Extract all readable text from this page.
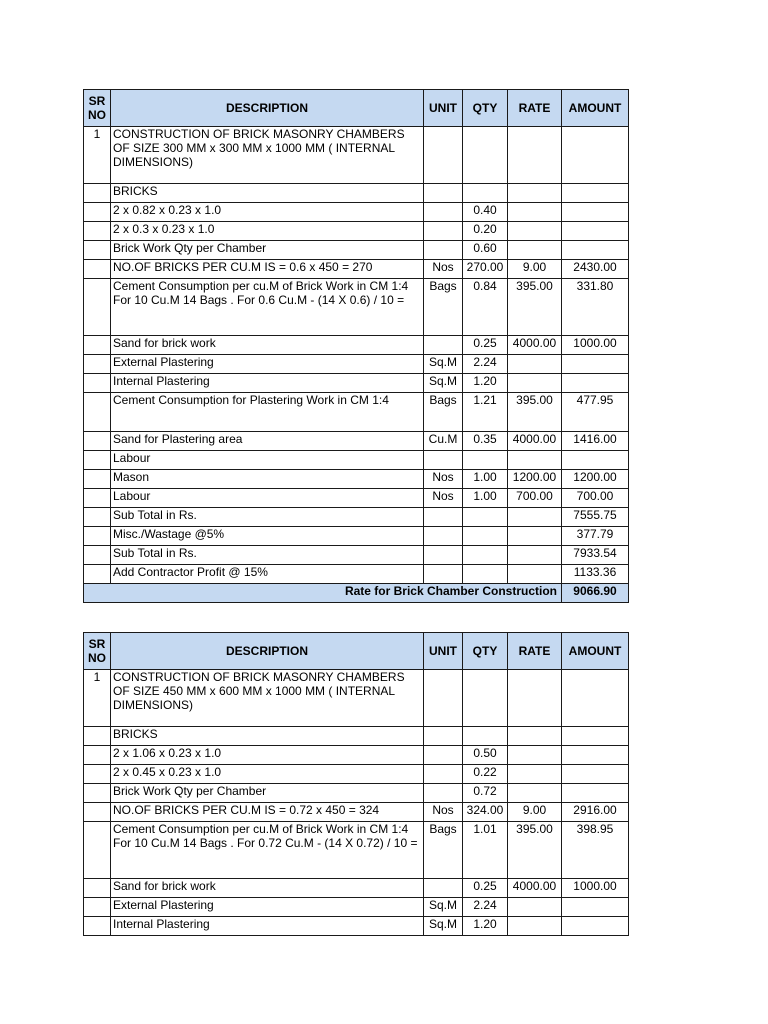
SR NO	DESCRIPTION	UNIT	QTY	RATE	AMOUNT
1	CONSTRUCTION OF BRICK MASONRY CHAMBERS OF SIZE 300 MM x 300 MM x 1000 MM ( INTERNAL DIMENSIONS)				
	BRICKS				
	2 x 0.82 x 0.23 x 1.0		0.40		
	2 x 0.3 x 0.23 x 1.0		0.20		
	Brick Work Qty per Chamber		0.60		
	NO.OF BRICKS PER CU.M IS = 0.6 x 450 = 270	Nos	270.00	9.00	2430.00
	Cement Consumption per cu.M of Brick Work in CM 1:4 For 10 Cu.M 14 Bags . For 0.6 Cu.M - (14 X 0.6) / 10 =	Bags	0.84	395.00	331.80
	Sand for brick work		0.25	4000.00	1000.00
	External Plastering	Sq.M	2.24		
	Internal Plastering	Sq.M	1.20		
	Cement Consumption for Plastering Work in CM 1:4	Bags	1.21	395.00	477.95
	Sand for Plastering area	Cu.M	0.35	4000.00	1416.00
	Labour				
	Mason	Nos	1.00	1200.00	1200.00
	Labour	Nos	1.00	700.00	700.00
	Sub Total in Rs.				7555.75
	Misc./Wastage @5%				377.79
	Sub Total in Rs.				7933.54
	Add Contractor Profit @ 15%				1133.36
Rate for Brick Chamber Construction					9066.90
SR NO	DESCRIPTION	UNIT	QTY	RATE	AMOUNT
1	CONSTRUCTION OF BRICK MASONRY CHAMBERS OF SIZE 450 MM x 600 MM x 1000 MM ( INTERNAL DIMENSIONS)				
	BRICKS				
	2 x 1.06 x 0.23 x 1.0		0.50		
	2 x 0.45 x 0.23 x 1.0		0.22		
	Brick Work Qty per Chamber		0.72		
	NO.OF BRICKS PER CU.M IS = 0.72 x 450 = 324	Nos	324.00	9.00	2916.00
	Cement Consumption per cu.M of Brick Work in CM 1:4 For 10 Cu.M 14 Bags . For 0.72 Cu.M - (14 X 0.72) / 10 =	Bags	1.01	395.00	398.95
	Sand for brick work		0.25	4000.00	1000.00
	External Plastering	Sq.M	2.24		
	Internal Plastering	Sq.M	1.20		
